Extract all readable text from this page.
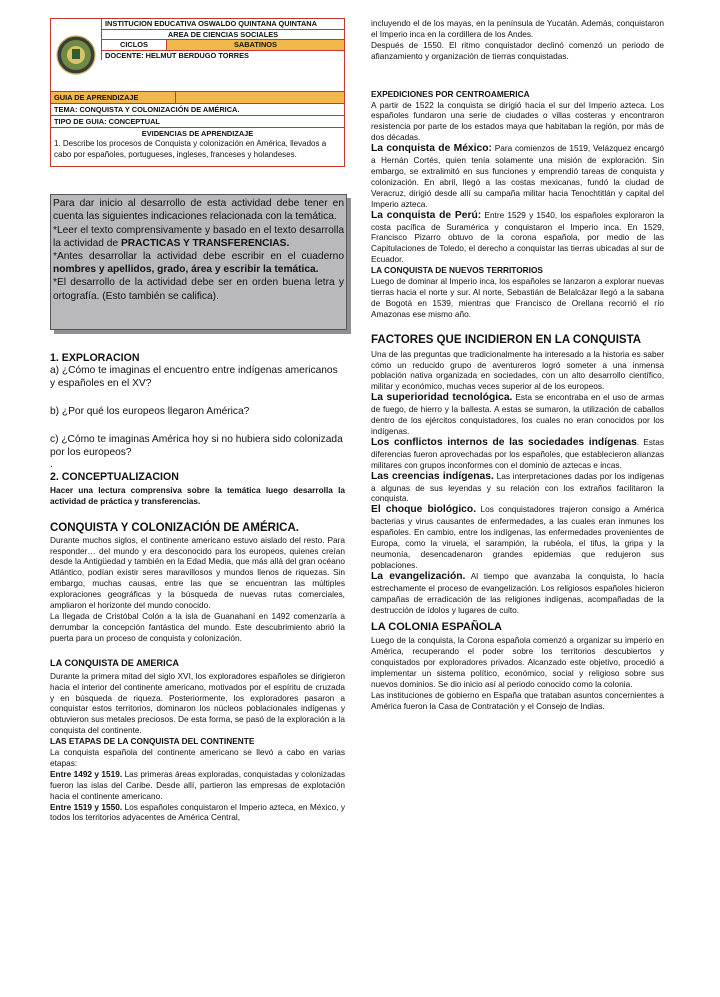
INSTITUCION EDUCATIVA OSWALDO QUINTANA QUINTANA
AREA DE CIENCIAS SOCIALES
CICLOS	SABATINOS
DOCENTE: HELMUT BERDUGO TORRES
GUIA DE APRENDIZAJE
TEMA: CONQUISTA Y COLONIZACIÓN DE AMÉRICA.
TIPO DE GUIA: CONCEPTUAL
EVIDENCIAS DE APRENDIZAJE
1. Describe los procesos de Conquista y colonización en América, llevados a cabo por españoles, portugueses, ingleses, franceses y holandeses.

Para dar inicio al desarrollo de esta actividad debe tener en cuenta las siguientes indicaciones relacionada con la temática.

*Leer el texto comprensivamente y basado en el texto desarrolla la actividad de PRACTICAS Y TRANSFERENCIAS.

*Antes desarrollar la actividad debe escribir en el cuaderno nombres y apellidos, grado, área y escribir la temática.

*El desarrollo de la actividad debe ser en orden buena letra y ortografía. (Esto también se califica).

1. EXPLORACION

a) ¿Cómo te imaginas el encuentro entre indígenas americanos y españoles en el XV?

b) ¿Por qué los europeos llegaron América?

c) ¿Cómo te imaginas América hoy si no hubiera sido colonizada por los europeos?

.

2. CONCEPTUALIZACION

Hacer una lectura comprensiva sobre la temática luego desarrolla la actividad de práctica y transferencias.

CONQUISTA Y COLONIZACIÓN DE AMÉRICA.

Durante muchos siglos, el continente americano estuvo aislado del resto. Para responder… del mundo y era desconocido para los europeos, quienes creían desde la Antigüedad y también en la Edad Media, que más allá del gran océano Atlántico, podían existir seres maravillosos y mundos llenos de riquezas. Sin embargo, muchas causas, entre las que se encuentran las múltiples exploraciones geográficas y la búsqueda de nuevas rutas comerciales, ampliaron el horizonte del mundo conocido.

La llegada de Cristóbal Colón a la isla de Guanahaní en 1492 comenzaría a derrumbar la concepción fantástica del mundo. Este descubrimiento abrió la puerta para un proceso de conquista y colonización.

LA CONQUISTA DE AMERICA

Durante la primera mitad del siglo XVI, los exploradores españoles se dirigieron hacia el interior del continente americano, motivados por el espíritu de cruzada y en búsqueda de riqueza. Posteriormente, los exploradores pasaron a conquistar estos territorios, dominaron los núcleos poblacionales indígenas y obtuvieron sus metales preciosos. De esta forma, se pasó de la exploración a la conquista del continente.

LAS ETAPAS DE LA CONQUISTA DEL CONTINENTE

La conquista española del continente americano se llevó a cabo en varias etapas:

Entre 1492 y 1519. Las primeras áreas exploradas, conquistadas y colonizadas fueron las islas del Caribe. Desde allí, partieron las empresas de explotación hacia el continente americano.

Entre 1519 y 1550. Los españoles conquistaron el Imperio azteca, en México, y todos los territorios adyacentes de América Central,

incluyendo el de los mayas, en la península de Yucatán. Además, conquistaron el Imperio inca en la cordillera de los Andes.

Después de 1550. El ritmo conquistador declinó comenzó un periodo de afianzamiento y organización de tierras conquistadas.

EXPEDICIONES POR CENTROAMERICA

A partir de 1522 la conquista se dirigió hacia el sur del Imperio azteca. Los españoles fundaron una serie de ciudades o villas costeras y encontraron resistencia por parte de los estados maya que habitaban la región, por más de dos décadas.

La conquista de México: Para comienzos de 1519, Velázquez encargó a Hernán Cortés, quien tenía solamente una misión de exploración. Sin embargo, se extralimitó en sus funciones y emprendió tareas de conquista y colonización. En abril, llegó a las costas mexicanas, fundó la ciudad de Veracruz, dirigió desde allí su campaña militar hacia Tenochtitlán y capital del Imperio azteca.

La conquista de Perú: Entre 1529 y 1540, los españoles exploraron la costa pacífica de Suramérica y conquistaron el Imperio inca. En 1529, Francisco Pizarro obtuvo de la corona española, por medio de las Capitulaciones de Toledo, el derecho a conquistar las tierras ubicadas al sur de Ecuador.

LA CONQUISTA DE NUEVOS TERRITORIOS

Luego de dominar al Imperio inca, los españoles se lanzaron a explorar nuevas tierras hacia el norte y sur. Al norte, Sebastián de Belalcázar llegó a la sabana de Bogotá en 1539, mientras que Francisco de Orellana recorrió el río Amazonas ese mismo año.

FACTORES QUE INCIDIERON EN LA CONQUISTA

Una de las preguntas que tradicionalmente ha interesado a la historia es saber cómo un reducido grupo de aventureros logró someter a una inmensa población nativa organizada en sociedades, con un alto desarrollo científico, militar y económico, muchas veces superior al de los europeos.

La superioridad tecnológica. Esta se encontraba en el uso de armas de fuego, de hierro y la ballesta. A estas se sumaron, la utilización de caballos dentro de los ejércitos conquistadores, los cuales no eran conocidos por los indígenas.

Los conflictos internos de las sociedades indígenas. Estas diferencias fueron aprovechadas por los españoles, que establecieron alianzas militares con grupos inconformes con el dominio de aztecas e incas.

Las creencias indígenas. Las interpretaciones dadas por los indígenas a algunas de sus leyendas y su relación con los extraños facilitaron la conquista.

El choque biológico. Los conquistadores trajeron consigo a América bacterias y virus causantes de enfermedades, a las cuales eran inmunes los españoles. En cambio, entre los indígenas, las enfermedades provenientes de Europa, como la viruela, el sarampión, la rubéola, el tifus, la gripa y la neumonía, desencadenaron grandes epidemias que redujeron sus poblaciones.

La evangelización. Al tiempo que avanzaba la conquista, lo hacía estrechamente el proceso de evangelización. Los religiosos españoles hicieron campañas de erradicación de las religiones indígenas, acompañadas de la destrucción de ídolos y lugares de culto.

LA COLONIA ESPAÑOLA

Luego de la conquista, la Corona española comenzó a organizar su imperio en América, recuperando el poder sobre los territorios descubiertos y conquistados por exploradores privados. Alcanzado este objetivo, procedió a implementar un sistema político, económico, social y religioso sobre sus nuevos dominios. Se dio inicio así al periodo conocido como la colonia.

Las instituciones de gobierno en España que trataban asuntos concernientes a América fueron la Casa de Contratación y el Consejo de Indias.
